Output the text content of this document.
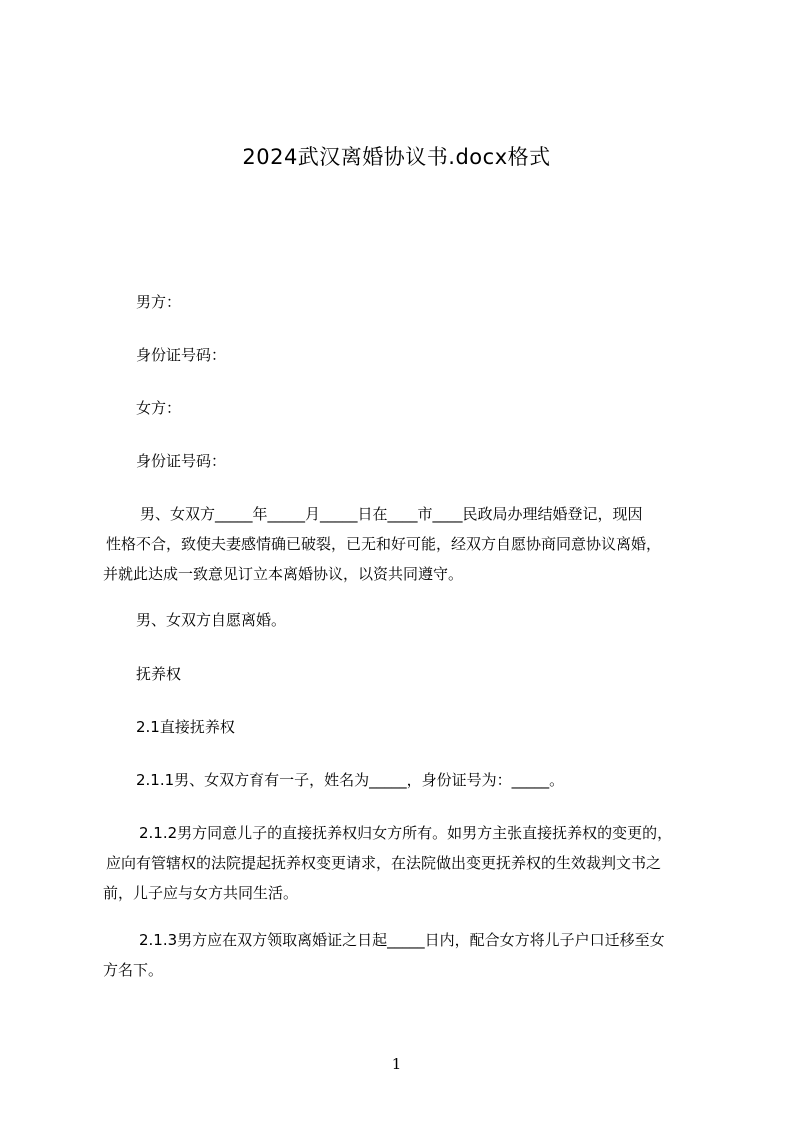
2024武汉离婚协议书.docx格式
男方：
身份证号码：
女方：
身份证号码：
男、女双方_____年_____月_____日在____市____民政局办理结婚登记，现因
性格不合，致使夫妻感情确已破裂，已无和好可能，经双方自愿协商同意协议离婚，
并就此达成一致意见订立本离婚协议，以资共同遵守。
男、女双方自愿离婚。
抚养权
2.1直接抚养权
2.1.1男、女双方育有一子，姓名为_____，身份证号为：_____。
2.1.2男方同意儿子的直接抚养权归女方所有。如男方主张直接抚养权的变更的，
应向有管辖权的法院提起抚养权变更请求，在法院做出变更抚养权的生效裁判文书之
前，儿子应与女方共同生活。
2.1.3男方应在双方领取离婚证之日起_____日内，配合女方将儿子户口迁移至女
方名下。
1
